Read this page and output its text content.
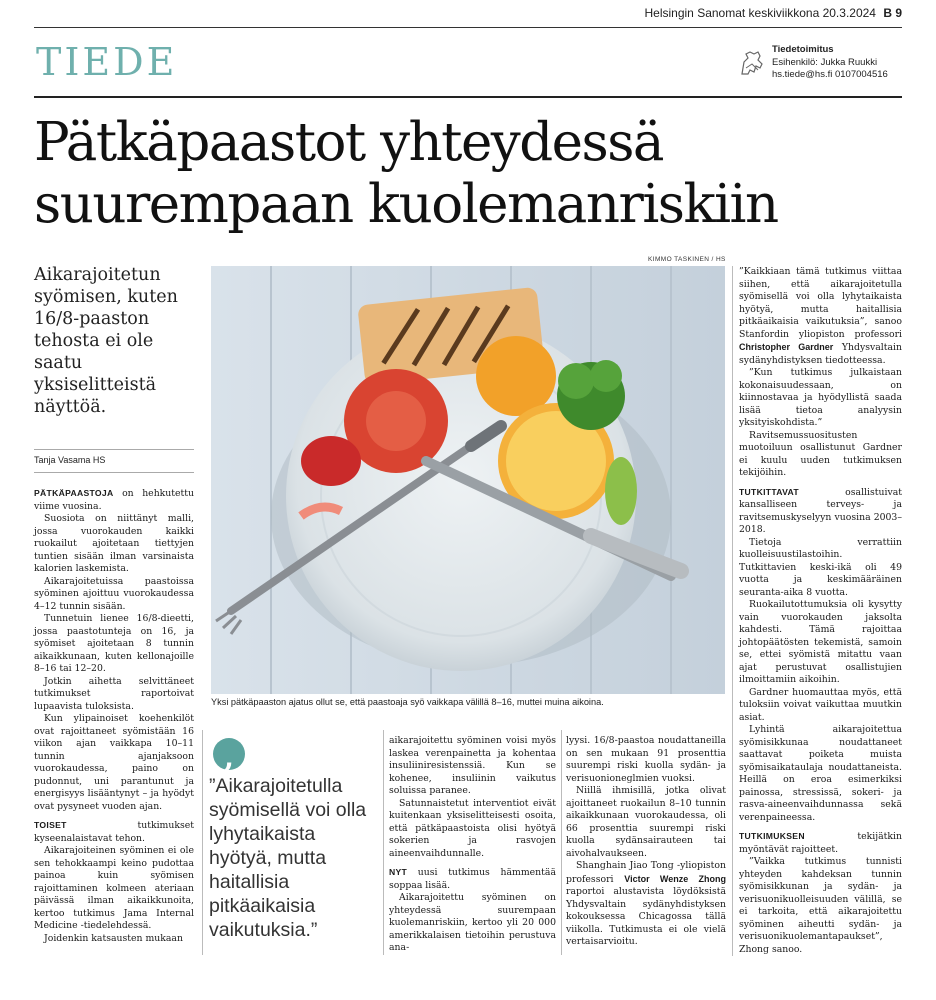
Helsingin Sanomat keskiviikkona 20.3.2024 B 9
TIEDE	Tiedetoimitus
Esihenkilö: Jukka Ruukki
hs.tiede@hs.fi 0107004516
Pätkäpaastot yhteydessä
suurempaan kuolemanriskiin
Aikarajoitetun syömisen, kuten 16/8-paaston tehosta ei ole saatu yksiselitteistä näyttöä.
Tanja Vasama HS

PÄTKÄPAASTOJA on hehkutettu viime vuosina.

Suosiota on niittänyt malli, jossa vuorokauden kaikki ruokailut ajoitetaan tiettyjen tuntien sisään ilman varsinaista kalorien laskemista.

Aikarajoitetuissa paastoissa syöminen ajoittuu vuorokaudessa 4–12 tunnin sisään.

Tunnetuin lienee 16/8-dieetti, jossa paastotunteja on 16, ja syömiset ajoitetaan 8 tunnin aikaikkunaan, kuten kellonajoille 8–16 tai 12–20.

Jotkin aihetta selvittäneet tutkimukset raportoivat lupaavista tuloksista.

Kun ylipainoiset koehenkilöt ovat rajoittaneet syömistään 16 viikon ajan vaikkapa 10–11 tunnin ajanjaksoon vuorokaudessa, paino on pudonnut, uni parantunut ja energisyys lisääntynyt – ja hyödyt ovat pysyneet vuoden ajan.

TOISET tutkimukset kyseenalaistavat tehon.

Aikarajoiteinen syöminen ei ole sen tehokkaampi keino pudottaa painoa kuin syömisen rajoittaminen kolmeen ateriaan päivässä ilman aikaikkunoita, kertoo tutkimus Jama Internal Medicine -tiedelehdessä.

Joidenkin katsausten mukaan

KIMMO TASKINEN / HS
Yksi pätkäpaaston ajatus ollut se, että paastoaja syö vaikkapa välillä 8–16, muttei muina aikoina.
,
”Aikarajoitetulla syömisellä voi olla lyhytaikaista hyötyä, mutta haitallisia pitkäaikaisia vaikutuksia.”

aikarajoitettu syöminen voisi myös laskea verenpainetta ja kohentaa insuliiniresistenssiä. Kun se kohenee, insuliinin vaikutus soluissa paranee.

Satunnaistetut interventiot eivät kuitenkaan yksiselitteisesti osoita, että pätkäpaastoista olisi hyötyä sokerien ja rasvojen aineenvaihdunnalle.

NYT uusi tutkimus hämmentää soppaa lisää.

Aikarajoitettu syöminen on yhteydessä suurempaan kuolemanriskiin, kertoo yli 20 000 amerikkalaisen tietoihin perustuva ana-

lyysi. 16/8-paastoa noudattaneilla on sen mukaan 91 prosenttia suurempi riski kuolla sydän- ja verisuonioneglmien vuoksi.

Niillä ihmisillä, jotka olivat ajoittaneet ruokailun 8–10 tunnin aikaikkunaan vuorokaudessa, oli 66 prosenttia suurempi riski kuolla sydänsairauteen tai aivohalvaukseen.

Shanghain Jiao Tong -yliopiston professori Victor Wenze Zhong raportoi alustavista löydöksistä Yhdysvaltain sydänyhdistyksen kokouksessa Chicagossa tällä viikolla. Tutkimusta ei ole vielä vertaisarvioitu.

”Kaikkiaan tämä tutkimus viittaa siihen, että aikarajoitetulla syömisellä voi olla lyhytaikaista hyötyä, mutta haitallisia pitkäaikaisia vaikutuksia”, sanoo Stanfordin yliopiston professori Christopher Gardner Yhdysvaltain sydänyhdistyksen tiedotteessa.

”Kun tutkimus julkaistaan kokonaisuudessaan, on kiinnostavaa ja hyödyllistä saada lisää tietoa analyysin yksityiskohdista.”

Ravitsemussuositusten muotoiluun osallistunut Gardner ei kuulu uuden tutkimuksen tekijöihin.

TUTKITTAVAT osallistuivat kansalliseen terveys- ja ravitsemuskyselyyn vuosina 2003–2018.

Tietoja verrattiin kuolleisuustilastoihin. Tutkittavien keski-ikä oli 49 vuotta ja keskimääräinen seuranta-aika 8 vuotta.

Ruokailutottumuksia oli kysytty vain vuorokauden jaksolta kahdesti. Tämä rajoittaa johtopäätösten tekemistä, samoin se, ettei syömistä mitattu vaan ajat perustuvat osallistujien ilmoittamiin aikoihin.

Gardner huomauttaa myös, että tuloksiin voivat vaikuttaa muutkin asiat.

Lyhintä aikarajoitettua syömisikkunaa noudattaneet saattavat poiketa muista syömisaikataulaja noudattaneista. Heillä on eroa esimerkiksi painossa, stressissä, sokeri- ja rasva-aineenvaihdunnassa sekä verenpaineessa.

TUTKIMUKSEN tekijätkin myöntävät rajoitteet.

”Vaikka tutkimus tunnisti yhteyden kahdeksan tunnin syömisikkunan ja sydän- ja verisuonikuolleisuuden välillä, se ei tarkoita, että aikarajoitettu syöminen aiheutti sydän- ja verisuonikuolemantapaukset”, Zhong sanoo.
